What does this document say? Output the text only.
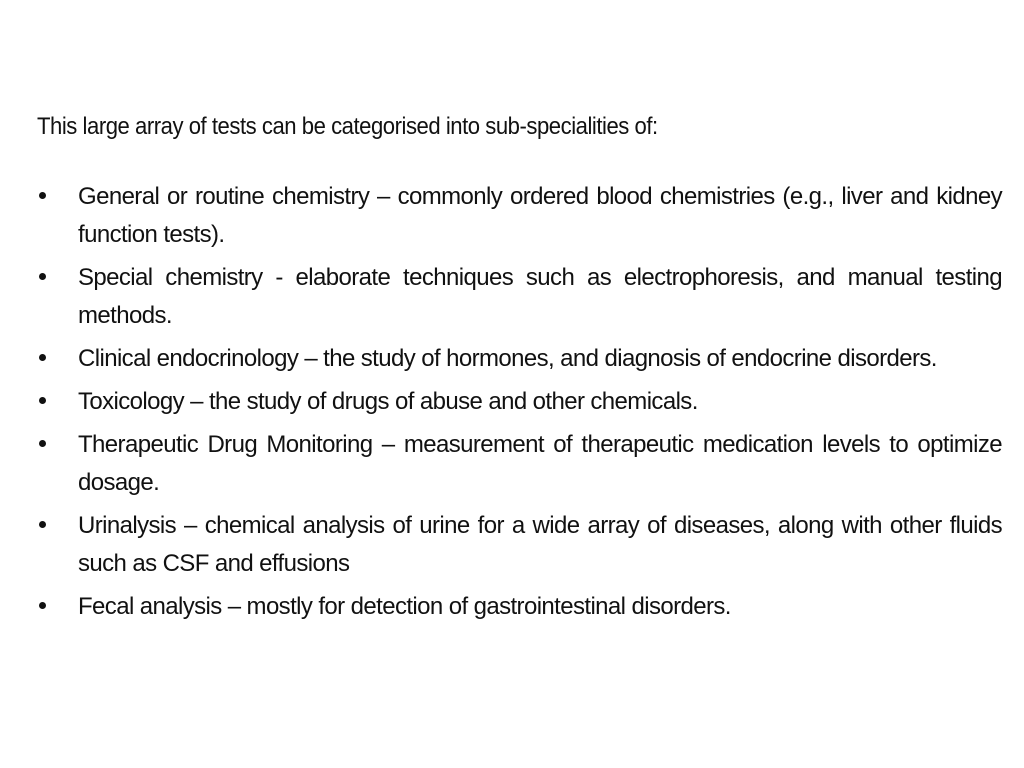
This large array of tests can be categorised into sub-specialities of:
General or routine chemistry – commonly ordered blood chemistries (e.g., liver and kidney function tests).
Special chemistry - elaborate techniques such as electrophoresis, and manual testing methods.
Clinical endocrinology – the study of hormones, and diagnosis of endocrine disorders.
Toxicology – the study of drugs of abuse and other chemicals.
Therapeutic Drug Monitoring – measurement of therapeutic medication levels to optimize dosage.
Urinalysis – chemical analysis of urine for a wide array of diseases, along with other fluids such as CSF and effusions
Fecal analysis – mostly for detection of gastrointestinal disorders.
